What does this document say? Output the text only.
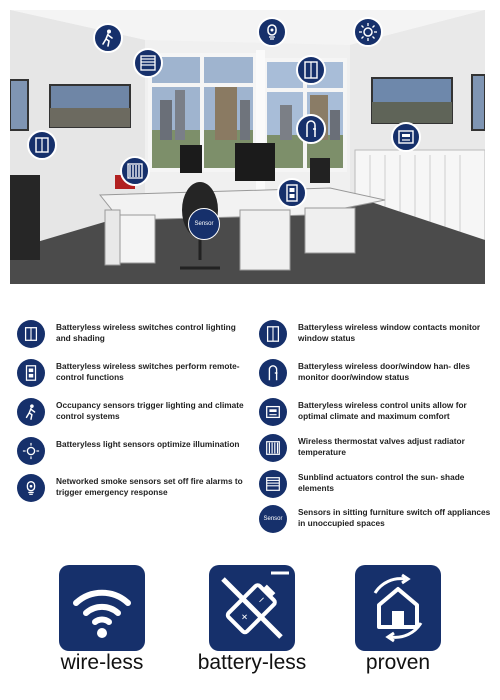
Sensor
Batteryless wireless switches control lighting and shading
Batteryless wireless switches perform remote-control functions
Occupancy sensors trigger lighting and climate control systems
Batteryless light sensors optimize illumination
Networked smoke sensors set off fire alarms to trigger emergency response
Batteryless wireless window contacts monitor window status
Batteryless wireless door/window han- dles monitor door/window status
Batteryless wireless control units allow for optimal climate and maximum comfort
Wireless thermostat valves adjust radiator temperature
Sunblind actuators control the sun- shade elements
Sensor
Sensors in sitting furniture switch off appliances in unoccupied spaces
wire-less
+
−
battery-less	proven
